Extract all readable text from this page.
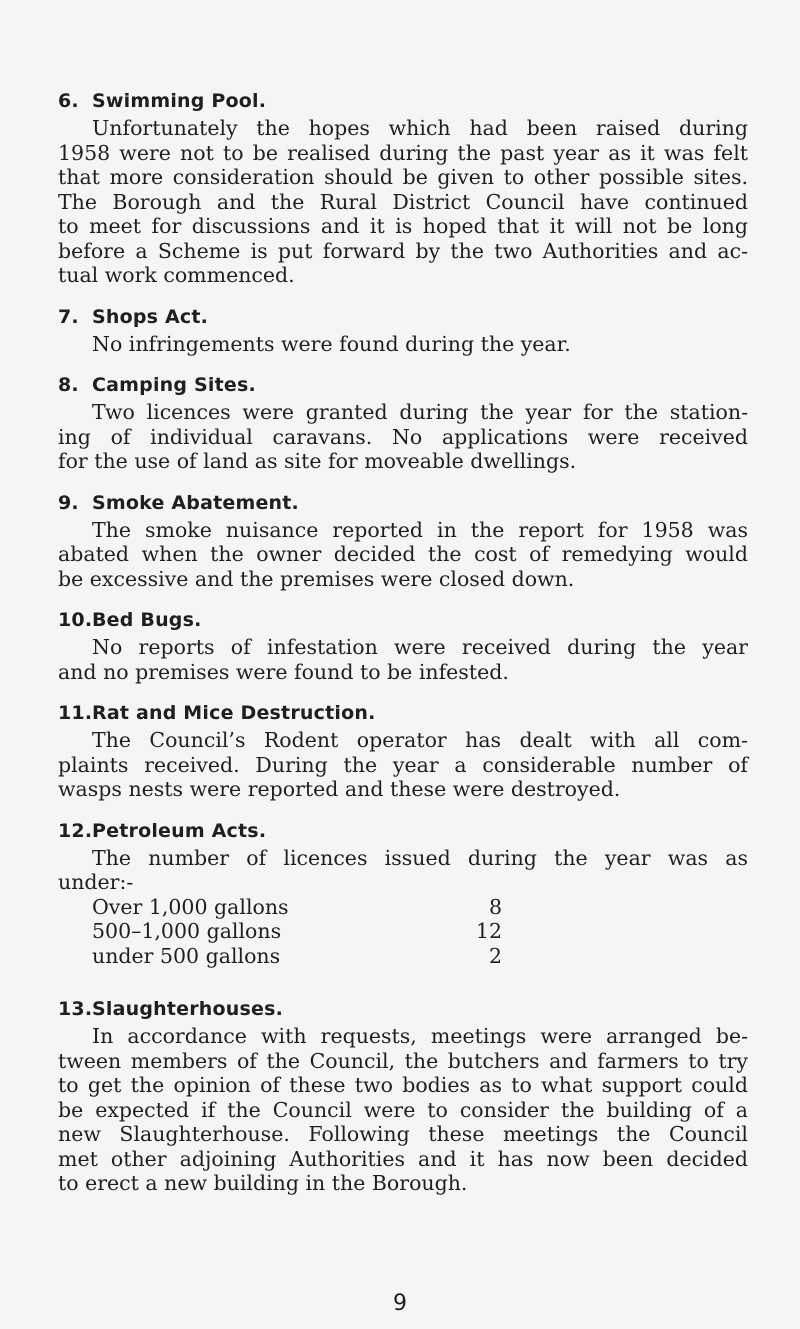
6. Swimming Pool.
Unfortunately the hopes which had been raised during
1958 were not to be realised during the past year as it was felt
that more consideration should be given to other possible sites.
The Borough and the Rural District Council have continued
to meet for discussions and it is hoped that it will not be long
before a Scheme is put forward by the two Authorities and ac-
tual work commenced.
7. Shops Act.
No infringements were found during the year.
8. Camping Sites.
Two licences were granted during the year for the station-
ing of individual caravans. No applications were received
for the use of land as site for moveable dwellings.
9. Smoke Abatement.
The smoke nuisance reported in the report for 1958 was
abated when the owner decided the cost of remedying would
be excessive and the premises were closed down.
10.Bed Bugs.
No reports of infestation were received during the year
and no premises were found to be infested.
11.Rat and Mice Destruction.
The Council’s Rodent operator has dealt with all com-
plaints received. During the year a considerable number of
wasps nests were reported and these were destroyed.
12.Petroleum Acts.
The number of licences issued during the year was as
under:-
Over 1,000 gallons	8
500–1,000 gallons	12
under 500 gallons	2
13.Slaughterhouses.
In accordance with requests, meetings were arranged be-
tween members of the Council, the butchers and farmers to try
to get the opinion of these two bodies as to what support could
be expected if the Council were to consider the building of a
new Slaughterhouse. Following these meetings the Council
met other adjoining Authorities and it has now been decided
to erect a new building in the Borough.
9
